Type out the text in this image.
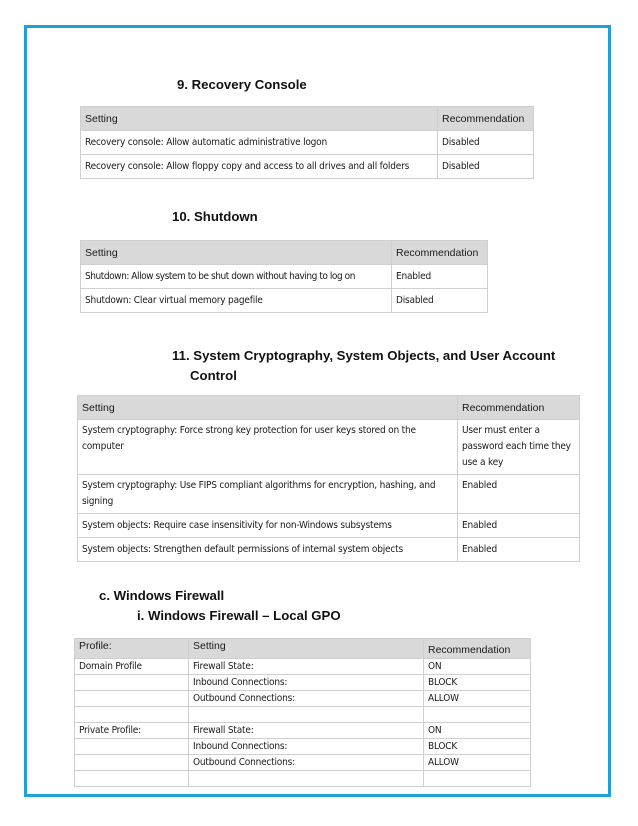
9. Recovery Console
Setting	Recommendation
Recovery console: Allow automatic administrative logon	Disabled
Recovery console: Allow floppy copy and access to all drives and all folders	Disabled
10. Shutdown
Setting	Recommendation
Shutdown: Allow system to be shut down without having to log on	Enabled
Shutdown: Clear virtual memory pagefile	Disabled
11. System Cryptography, System Objects, and User Account
Control
Setting	Recommendation
System cryptography: Force strong key protection for user keys stored on the computer	User must enter a password each time they use a key
System cryptography: Use FIPS compliant algorithms for encryption, hashing, and signing	Enabled
System objects: Require case insensitivity for non-Windows subsystems	Enabled
System objects: Strengthen default permissions of internal system objects	Enabled
c. Windows Firewall
i. Windows Firewall – Local GPO
Profile:	Setting	Recommendation
Domain Profile	Firewall State:	ON
	Inbound Connections:	BLOCK
	Outbound Connections:	ALLOW

Private Profile:	Firewall State:	ON
	Inbound Connections:	BLOCK
	Outbound Connections:	ALLOW
